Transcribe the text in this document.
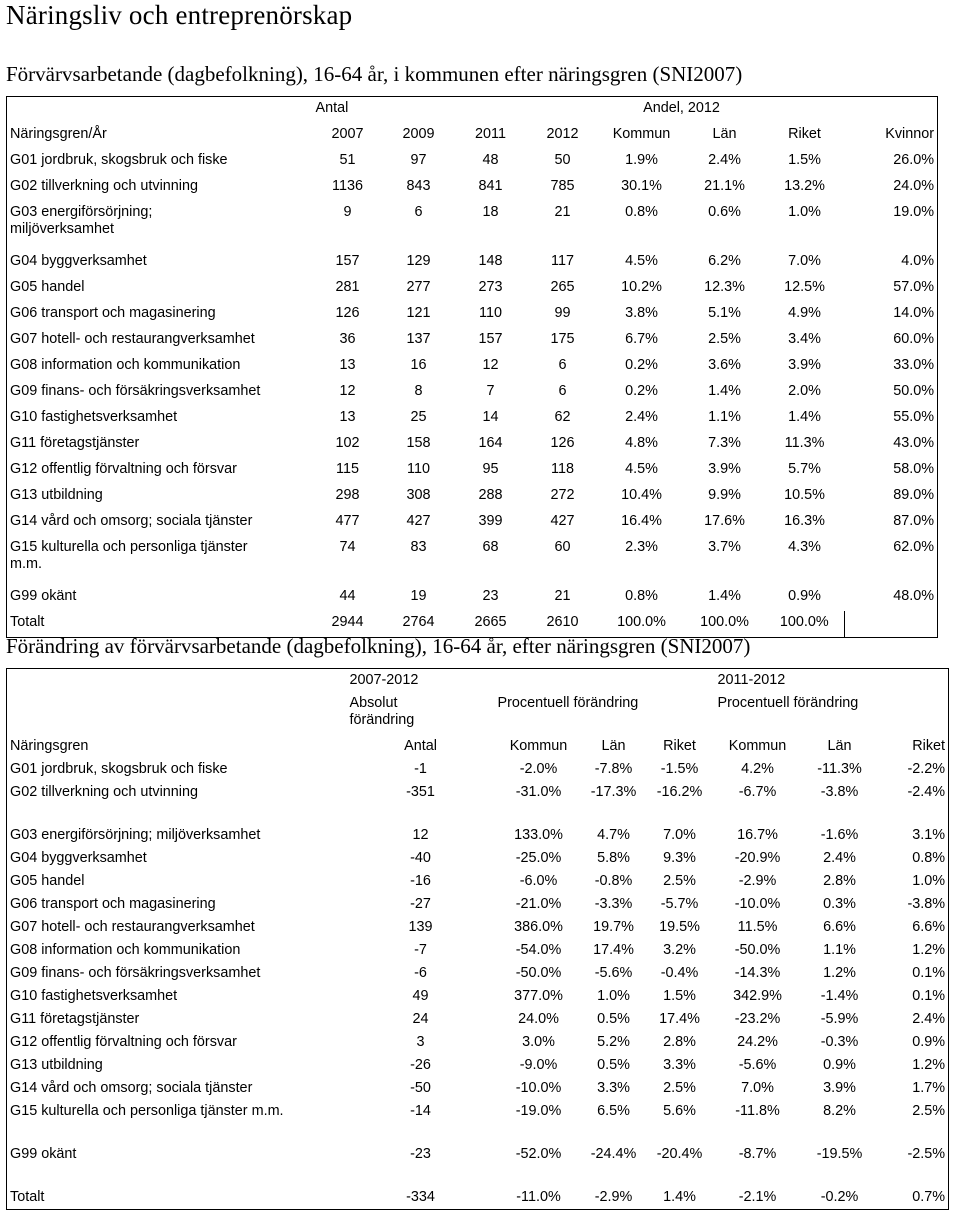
Näringsliv och entreprenörskap
Förvärvsarbetande (dagbefolkning), 16-64 år, i kommunen efter näringsgren (SNI2007)
	Antal				Andel, 2012			
Näringsgren/År	2007	2009	2011	2012	Kommun	Län	Riket	Kvinnor
G01 jordbruk, skogsbruk och fiske	51	97	48	50	1.9%	2.4%	1.5%	26.0%
G02 tillverkning och utvinning	1136	843	841	785	30.1%	21.1%	13.2%	24.0%
G03 energiförsörjning; miljöverksamhet	9	6	18	21	0.8%	0.6%	1.0%	19.0%
G04 byggverksamhet	157	129	148	117	4.5%	6.2%	7.0%	4.0%
G05 handel	281	277	273	265	10.2%	12.3%	12.5%	57.0%
G06 transport och magasinering	126	121	110	99	3.8%	5.1%	4.9%	14.0%
G07 hotell- och restaurangverksamhet	36	137	157	175	6.7%	2.5%	3.4%	60.0%
G08 information och kommunikation	13	16	12	6	0.2%	3.6%	3.9%	33.0%
G09 finans- och försäkringsverksamhet	12	8	7	6	0.2%	1.4%	2.0%	50.0%
G10 fastighetsverksamhet	13	25	14	62	2.4%	1.1%	1.4%	55.0%
G11 företagstjänster	102	158	164	126	4.8%	7.3%	11.3%	43.0%
G12 offentlig förvaltning och försvar	115	110	95	118	4.5%	3.9%	5.7%	58.0%
G13 utbildning	298	308	288	272	10.4%	9.9%	10.5%	89.0%
G14 vård och omsorg; sociala tjänster	477	427	399	427	16.4%	17.6%	16.3%	87.0%
G15 kulturella och personliga tjänster m.m.	74	83	68	60	2.3%	3.7%	4.3%	62.0%
G99 okänt	44	19	23	21	0.8%	1.4%	0.9%	48.0%
Totalt	2944	2764	2665	2610	100.0%	100.0%	100.0%	
Förändring av förvärvsarbetande (dagbefolkning), 16-64 år, efter näringsgren (SNI2007)
	2007-2012				2011-2012		
	Absolut förändring	Procentuell förändring			Procentuell förändring		
Näringsgren	Antal	Kommun	Län	Riket	Kommun	Län	Riket
G01 jordbruk, skogsbruk och fiske	-1	-2.0%	-7.8%	-1.5%	4.2%	-11.3%	-2.2%
G02 tillverkning och utvinning	-351	-31.0%	-17.3%	-16.2%	-6.7%	-3.8%	-2.4%
G03 energiförsörjning; miljöverksamhet	12	133.0%	4.7%	7.0%	16.7%	-1.6%	3.1%
G04 byggverksamhet	-40	-25.0%	5.8%	9.3%	-20.9%	2.4%	0.8%
G05 handel	-16	-6.0%	-0.8%	2.5%	-2.9%	2.8%	1.0%
G06 transport och magasinering	-27	-21.0%	-3.3%	-5.7%	-10.0%	0.3%	-3.8%
G07 hotell- och restaurangverksamhet	139	386.0%	19.7%	19.5%	11.5%	6.6%	6.6%
G08 information och kommunikation	-7	-54.0%	17.4%	3.2%	-50.0%	1.1%	1.2%
G09 finans- och försäkringsverksamhet	-6	-50.0%	-5.6%	-0.4%	-14.3%	1.2%	0.1%
G10 fastighetsverksamhet	49	377.0%	1.0%	1.5%	342.9%	-1.4%	0.1%
G11 företagstjänster	24	24.0%	0.5%	17.4%	-23.2%	-5.9%	2.4%
G12 offentlig förvaltning och försvar	3	3.0%	5.2%	2.8%	24.2%	-0.3%	0.9%
G13 utbildning	-26	-9.0%	0.5%	3.3%	-5.6%	0.9%	1.2%
G14 vård och omsorg; sociala tjänster	-50	-10.0%	3.3%	2.5%	7.0%	3.9%	1.7%
G15 kulturella och personliga tjänster m.m.	-14	-19.0%	6.5%	5.6%	-11.8%	8.2%	2.5%
G99 okänt	-23	-52.0%	-24.4%	-20.4%	-8.7%	-19.5%	-2.5%
Totalt	-334	-11.0%	-2.9%	1.4%	-2.1%	-0.2%	0.7%
